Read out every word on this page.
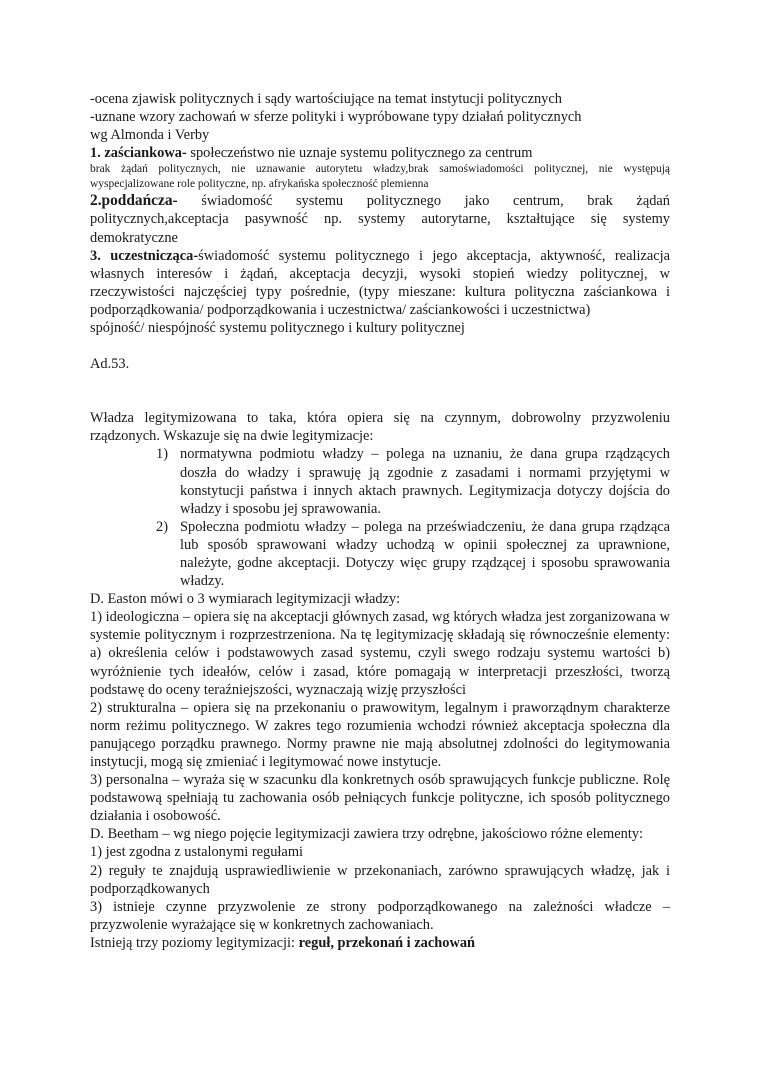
-ocena zjawisk politycznych i sądy wartościujące na temat instytucji politycznych

-uznane wzory zachowań w sferze polityki i wypróbowane typy działań politycznych

wg Almonda i Verby

1. zaściankowa- społeczeństwo nie uznaje systemu politycznego za centrum

brak żądań politycznych, nie uznawanie autorytetu władzy,brak samoświadomości politycznej, nie występują wyspecjalizowane role polityczne, np. afrykańska społeczność plemienna

2.poddańcza- świadomość systemu politycznego jako centrum, brak żądań politycznych,akceptacja pasywność np. systemy autorytarne, kształtujące się systemy demokratyczne

3. uczestnicząca-świadomość systemu politycznego i jego akceptacja, aktywność, realizacja własnych interesów i żądań, akceptacja decyzji, wysoki stopień wiedzy politycznej, w rzeczywistości najczęściej typy pośrednie, (typy mieszane: kultura polityczna zaściankowa i podporządkowania/ podporządkowania i uczestnictwa/ zaściankowości i uczestnictwa)

spójność/ niespójność systemu politycznego i kultury politycznej

Ad.53.

Władza legitymizowana to taka, która opiera się na czynnym, dobrowolny przyzwoleniu rządzonych. Wskazuje się na dwie legitymizacje:

1) normatywna podmiotu władzy – polega na uznaniu, że dana grupa rządzących doszła do władzy i sprawuję ją zgodnie z zasadami i normami przyjętymi w konstytucji państwa i innych aktach prawnych. Legitymizacja dotyczy dojścia do władzy i sposobu jej sprawowania.
2) Społeczna podmiotu władzy – polega na przeświadczeniu, że dana grupa rządząca lub sposób sprawowani władzy uchodzą w opinii społecznej za uprawnione, należyte, godne akceptacji. Dotyczy więc grupy rządzącej i sposobu sprawowania władzy.

D. Easton mówi o 3 wymiarach legitymizacji władzy:

1) ideologiczna – opiera się na akceptacji głównych zasad, wg których władza jest zorganizowana w systemie politycznym i rozprzestrzeniona. Na tę legitymizację składają się równocześnie elementy: a) określenia celów i podstawowych zasad systemu, czyli swego rodzaju systemu wartości b) wyróżnienie tych ideałów, celów i zasad, które pomagają w interpretacji przeszłości, tworzą podstawę do oceny teraźniejszości, wyznaczają wizję przyszłości

2) strukturalna – opiera się na przekonaniu o prawowitym, legalnym i praworządnym charakterze norm reżimu politycznego. W zakres tego rozumienia wchodzi również akceptacja społeczna dla panującego porządku prawnego. Normy prawne nie mają absolutnej zdolności do legitymowania instytucji, mogą się zmieniać i legitymować nowe instytucje.

3) personalna – wyraża się w szacunku dla konkretnych osób sprawujących funkcje publiczne. Rolę podstawową spełniają tu zachowania osób pełniących funkcje polityczne, ich sposób politycznego działania i osobowość.

D. Beetham – wg niego pojęcie legitymizacji zawiera trzy odrębne, jakościowo różne elementy:

1) jest zgodna z ustalonymi regułami

2) reguły te znajdują usprawiedliwienie w przekonaniach, zarówno sprawujących władzę, jak i podporządkowanych

3) istnieje czynne przyzwolenie ze strony podporządkowanego na zależności władcze – przyzwolenie wyrażające się w konkretnych zachowaniach.

Istnieją trzy poziomy legitymizacji: reguł, przekonań i zachowań
